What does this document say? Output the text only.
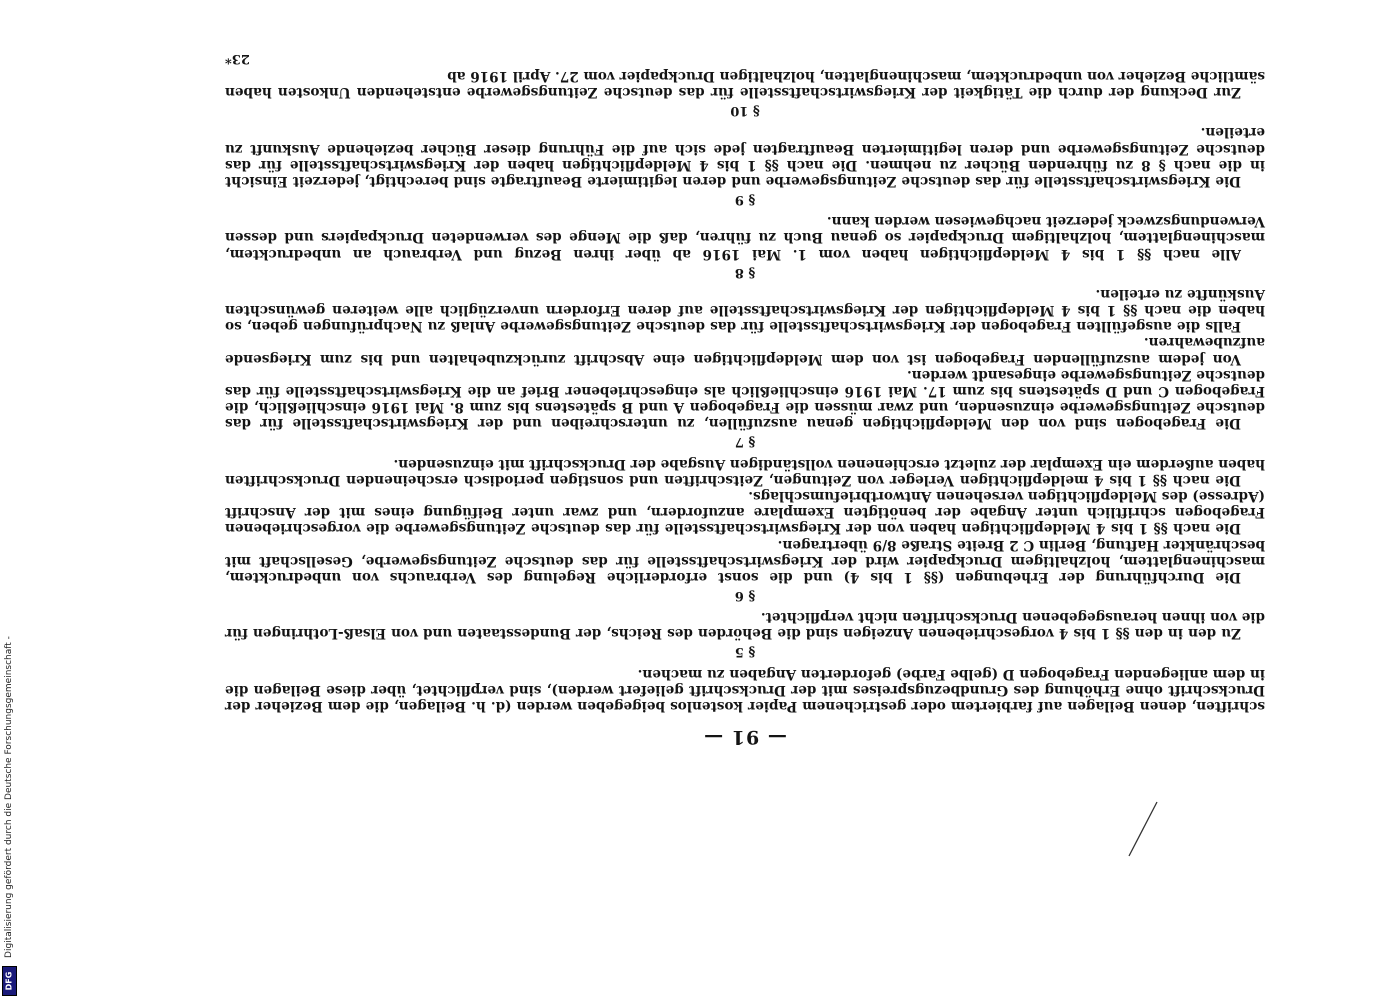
— 91 —

schriften, denen Beilagen auf farbiertem oder gestrichenem Papier kostenlos beigegeben werden (d. h. Beilagen, die dem Bezieher der Druckschrift ohne Erhöhung des Grundbezugspreises mit der Druckschrift geliefert werden), sind verpflichtet, über diese Beilagen die in dem anliegenden Fragebogen D (gelbe Farbe) geforderten Angaben zu machen.

§ 5

Zu den in den §§ 1 bis 4 vorgeschriebenen Anzeigen sind die Behörden des Reichs, der Bundesstaaten und von Elsaß-Lothringen für die von ihnen herausgegebenen Druckschriften nicht verpflichtet.

§ 6

Die Durchführung der Erhebungen (§§ 1 bis 4) und die sonst erforderliche Regelung des Verbrauchs von unbedrucktem, maschinenglattem, holzhaltigem Druckpapier wird der Kriegswirtschaftsstelle für das deutsche Zeitungsgewerbe, Gesellschaft mit beschränkter Haftung, Berlin C 2 Breite Straße 8/9 übertragen.

Die nach §§ 1 bis 4 Meldepflichtigen haben von der Kriegswirtschaftsstelle für das deutsche Zeitungsgewerbe die vorgeschriebenen Fragebogen schriftlich unter Angabe der benötigten Exemplare anzufordern, und zwar unter Beifügung eines mit der Anschrift (Adresse) des Meldepflichtigen versehenen Antwortbriefumschlags.

Die nach §§ 1 bis 4 meldepflichtigen Verleger von Zeitungen, Zeitschriften und sonstigen periodisch erscheinenden Druckschriften haben außerdem ein Exemplar der zuletzt erschienenen vollständigen Ausgabe der Druckschrift mit einzusenden.

§ 7

Die Fragebogen sind von den Meldepflichtigen genau auszufüllen, zu unterschreiben und der Kriegswirtschaftsstelle für das deutsche Zeitungsgewerbe einzusenden, und zwar müssen die Fragebogen A und B spätestens bis zum 8. Mai 1916 einschließlich, die Fragebogen C und D spätestens bis zum 17. Mai 1916 einschließlich als eingeschriebener Brief an die Kriegswirtschaftsstelle für das deutsche Zeitungsgewerbe eingesandt werden.

Von jedem auszufüllenden Fragebogen ist von dem Meldepflichtigen eine Abschrift zurückzubehalten und bis zum Kriegsende aufzubewahren.

Falls die ausgefüllten Fragebogen der Kriegswirtschaftsstelle für das deutsche Zeitungsgewerbe Anlaß zu Nachprüfungen geben, so haben die nach §§ 1 bis 4 Meldepflichtigen der Kriegswirtschaftsstelle auf deren Erfordern unverzüglich alle weiteren gewünschten Auskünfte zu erteilen.

§ 8

Alle nach §§ 1 bis 4 Meldepflichtigen haben vom 1. Mai 1916 ab über ihren Bezug und Verbrauch an unbedrucktem, maschinenglattem, holzhaltigem Druckpapier so genau Buch zu führen, daß die Menge des verwendeten Druckpapiers und dessen Verwendungszweck jederzeit nachgewiesen werden kann.

§ 9

Die Kriegswirtschaftsstelle für das deutsche Zeitungsgewerbe und deren legitimierte Beauftragte sind berechtigt, jederzeit Einsicht in die nach § 8 zu führenden Bücher zu nehmen. Die nach §§ 1 bis 4 Meldepflichtigen haben der Kriegswirtschaftsstelle für das deutsche Zeitungsgewerbe und deren legitimierten Beauftragten jede sich auf die Führung dieser Bücher beziehende Auskunft zu erteilen.

§ 10

Zur Deckung der durch die Tätigkeit der Kriegswirtschaftsstelle für das deutsche Zeitungsgewerbe entstehenden Unkosten haben sämtliche Bezieher von unbedrucktem, maschinenglatten, holzhaltigen Druckpapier vom 27. April 1916 ab

23*
Digitalisierung gefördert durch die Deutsche Forschungsgemeinschaft -
DFG
